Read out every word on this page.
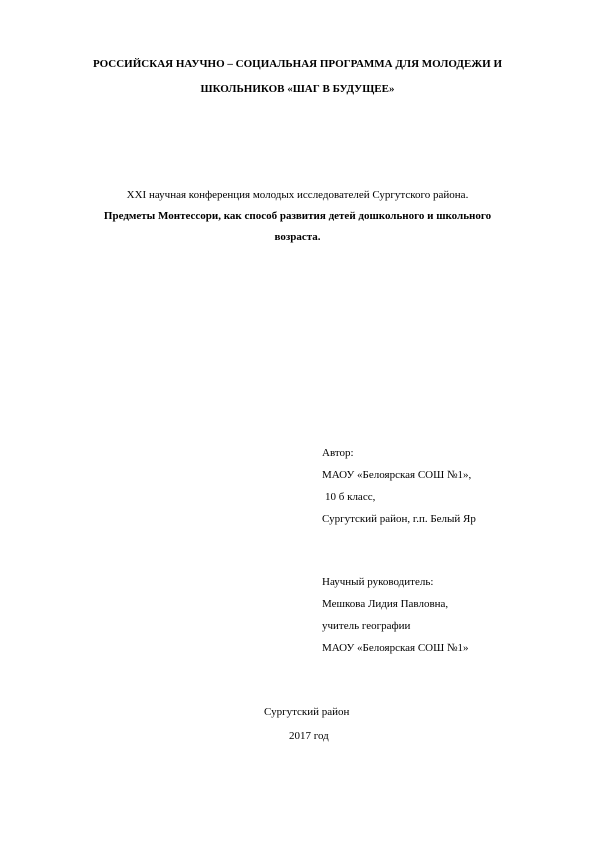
РОССИЙСКАЯ НАУЧНО – СОЦИАЛЬНАЯ ПРОГРАММА ДЛЯ МОЛОДЕЖИ И
ШКОЛЬНИКОВ «ШАГ В БУДУЩЕЕ»
XXI научная конференция молодых исследователей Сургутского района.
Предметы Монтессори, как способ развития детей дошкольного и школьного
возраста.
Автор:
МАОУ «Белоярская СОШ №1»,
10 б класс,
Сургутский район, г.п. Белый Яр
Научный руководитель:
Мешкова Лидия Павловна,
учитель географии
МАОУ «Белоярская СОШ №1»
Сургутский район
2017 год
